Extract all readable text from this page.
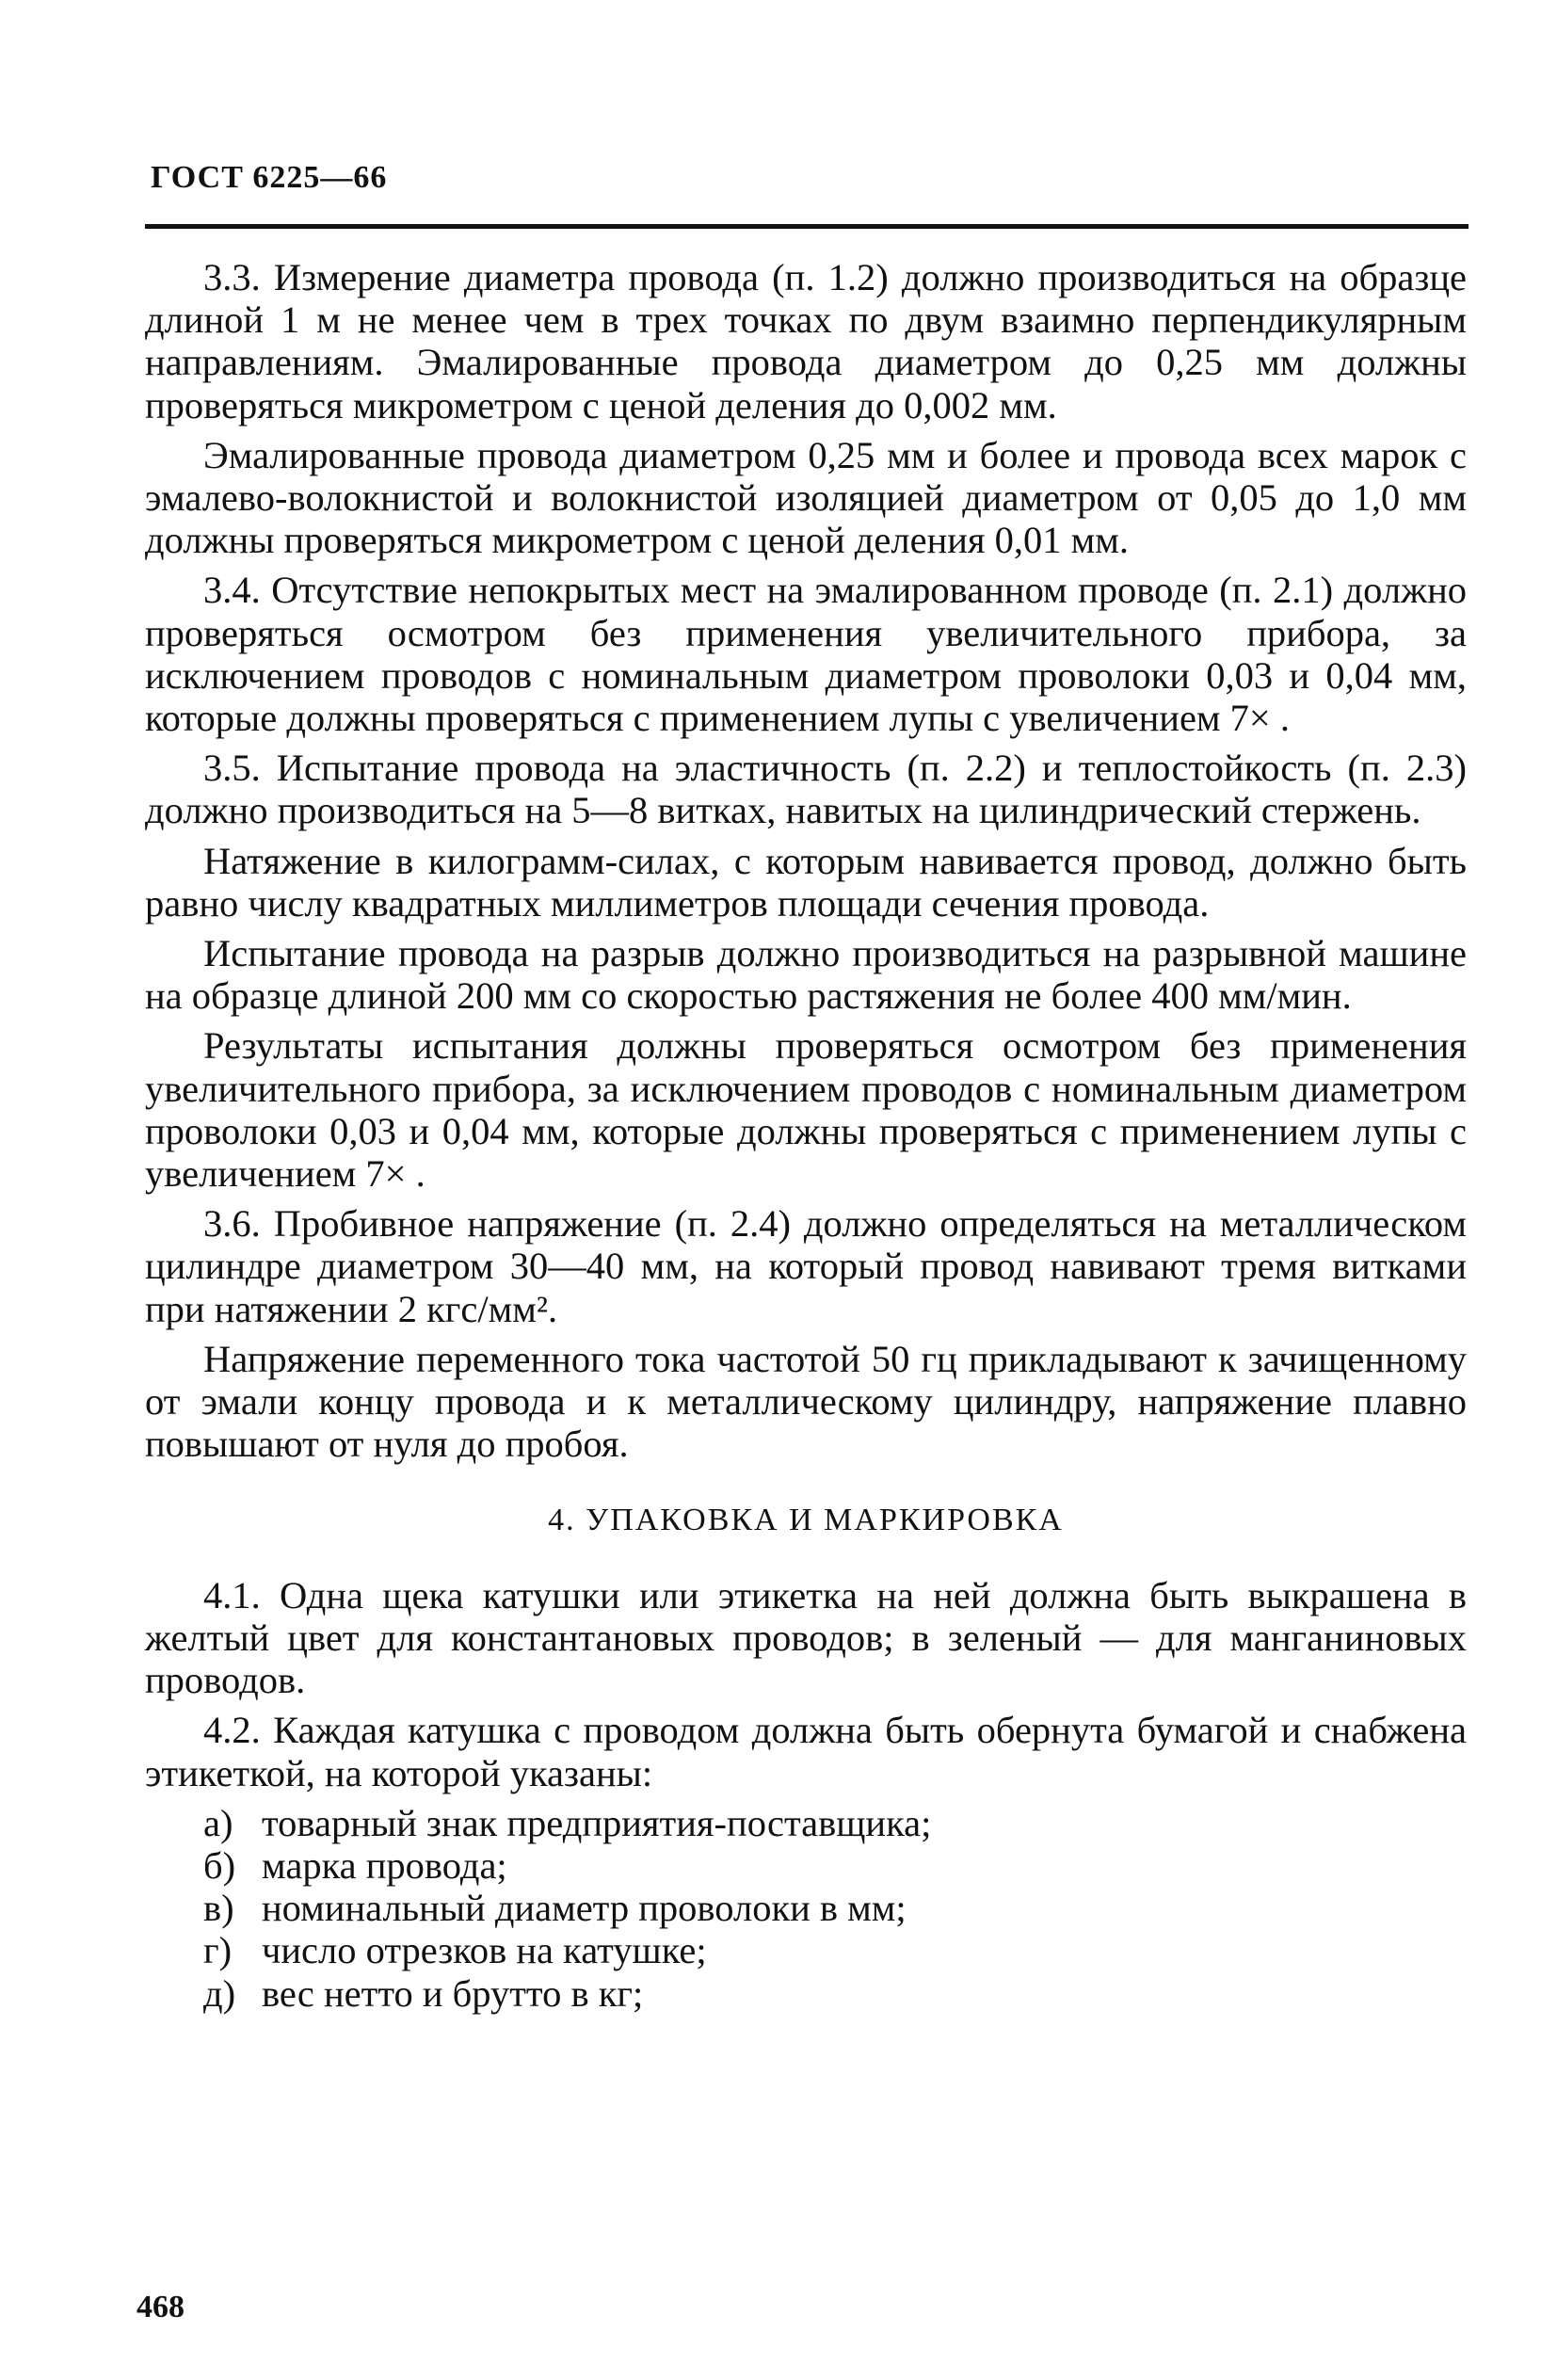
ГОСТ 6225—66

3.3. Измерение диаметра провода (п. 1.2) должно производиться на образце длиной 1 м не менее чем в трех точках по двум взаимно перпендикулярным направлениям. Эмалированные провода диаметром до 0,25 мм должны проверяться микрометром с ценой деления до 0,002 мм.

Эмалированные провода диаметром 0,25 мм и более и провода всех марок с эмалево-волокнистой и волокнистой изоляцией диаметром от 0,05 до 1,0 мм должны проверяться микрометром с ценой деления 0,01 мм.

3.4. Отсутствие непокрытых мест на эмалированном проводе (п. 2.1) должно проверяться осмотром без применения увеличительного прибора, за исключением проводов с номинальным диаметром проволоки 0,03 и 0,04 мм, которые должны проверяться с применением лупы с увеличением 7× .

3.5. Испытание провода на эластичность (п. 2.2) и теплостойкость (п. 2.3) должно производиться на 5—8 витках, навитых на цилиндрический стержень.

Натяжение в килограмм-силах, с которым навивается провод, должно быть равно числу квадратных миллиметров площади сечения провода.

Испытание провода на разрыв должно производиться на разрывной машине на образце длиной 200 мм со скоростью растяжения не более 400 мм/мин.

Результаты испытания должны проверяться осмотром без применения увеличительного прибора, за исключением проводов с номинальным диаметром проволоки 0,03 и 0,04 мм, которые должны проверяться с применением лупы с увеличением 7× .

3.6. Пробивное напряжение (п. 2.4) должно определяться на металлическом цилиндре диаметром 30—40 мм, на который провод навивают тремя витками при натяжении 2 кгс/мм².

Напряжение переменного тока частотой 50 гц прикладывают к зачищенному от эмали концу провода и к металлическому цилиндру, напряжение плавно повышают от нуля до пробоя.

4. УПАКОВКА И МАРКИРОВКА

4.1. Одна щека катушки или этикетка на ней должна быть выкрашена в желтый цвет для константановых проводов; в зеленый — для манганиновых проводов.

4.2. Каждая катушка с проводом должна быть обернута бумагой и снабжена этикеткой, на которой указаны:

а) товарный знак предприятия-поставщика;
б) марка провода;
в) номинальный диаметр проволоки в мм;
г) число отрезков на катушке;
д) вес нетто и брутто в кг;

468
